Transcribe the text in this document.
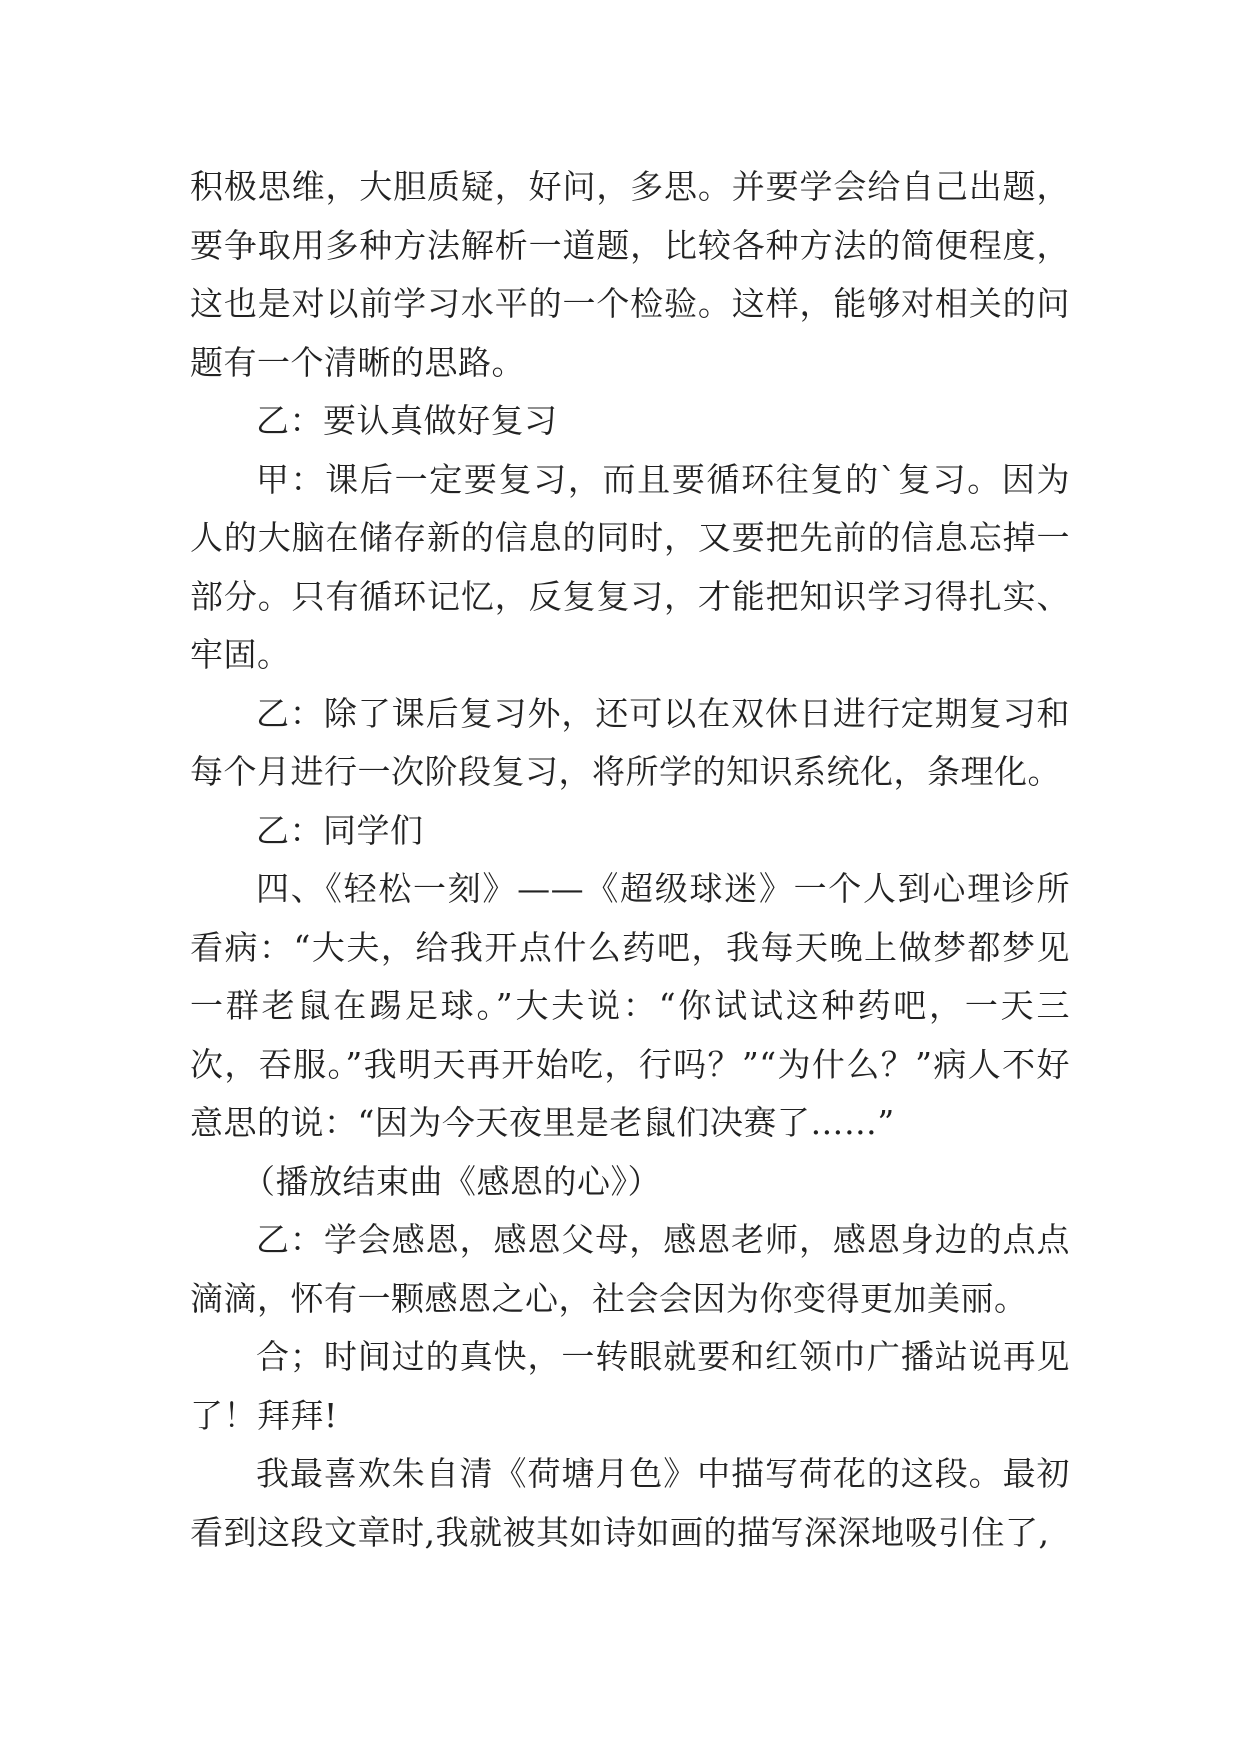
积极思维，大胆质疑，好问，多思。并要学会给自己出题，要争取用多种方法解析一道题，比较各种方法的简便程度，这也是对以前学习水平的一个检验。这样，能够对相关的问题有一个清晰的思路。

乙：要认真做好复习

甲：课后一定要复习，而且要循环往复的`复习。因为人的大脑在储存新的信息的同时，又要把先前的信息忘掉一部分。只有循环记忆，反复复习，才能把知识学习得扎实、牢固。

乙：除了课后复习外，还可以在双休日进行定期复习和每个月进行一次阶段复习，将所学的知识系统化，条理化。

乙：同学们

四、《轻松一刻》——《超级球迷》一个人到心理诊所看病：“大夫，给我开点什么药吧，我每天晚上做梦都梦见一群老鼠在踢足球。”大夫说：“你试试这种药吧，一天三次，吞服。”我明天再开始吃，行吗？”“为什么？”病人不好意思的说：“因为今天夜里是老鼠们决赛了……”

（播放结束曲《感恩的心》）

乙：学会感恩，感恩父母，感恩老师，感恩身边的点点滴滴，怀有一颗感恩之心，社会会因为你变得更加美丽。

合；时间过的真快，一转眼就要和红领巾广播站说再见了！拜拜!

我最喜欢朱自清《荷塘月色》中描写荷花的这段。最初看到这段文章时,我就被其如诗如画的描写深深地吸引住了,
